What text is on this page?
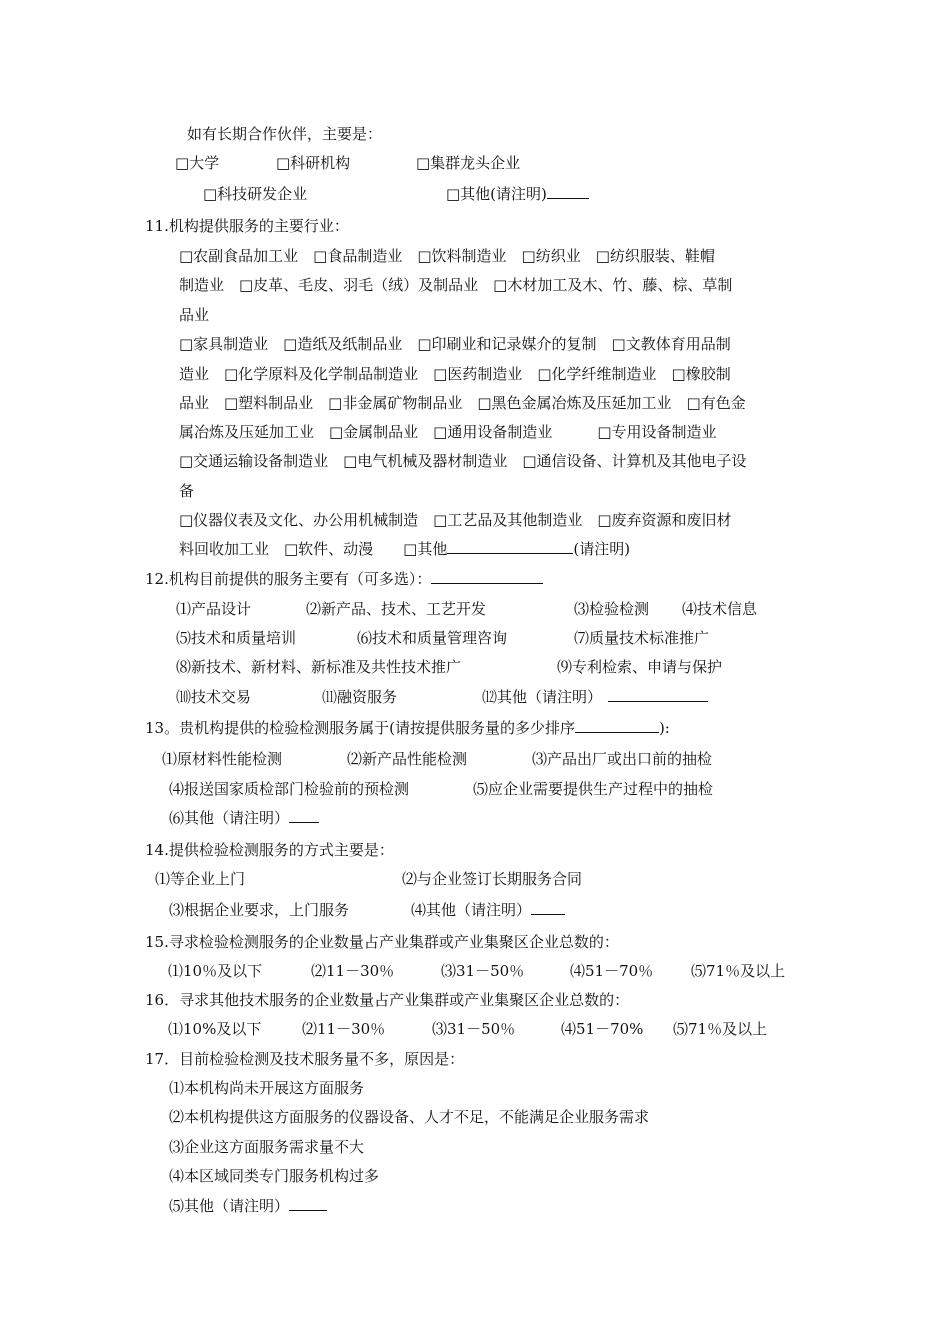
如有长期合作伙伴，主要是：
□大学	□科研机构	□集群龙头企业
□科技研发企业	□其他(请注明)
11.机构提供服务的主要行业：
□农副食品加工业　□食品制造业　□饮料制造业　□纺织业　□纺织服装、鞋帽
制造业　□皮革、毛皮、羽毛（绒）及制品业　□木材加工及木、竹、藤、棕、草制
品业
□家具制造业　□造纸及纸制品业　□印刷业和记录媒介的复制　□文教体育用品制
造业　□化学原料及化学制品制造业　□医药制造业　□化学纤维制造业　□橡胶制
品业　□塑料制品业　□非金属矿物制品业　□黑色金属冶炼及压延加工业　□有色金
属冶炼及压延加工业　□金属制品业　□通用设备制造业　　　□专用设备制造业
□交通运输设备制造业　□电气机械及器材制造业　□通信设备、计算机及其他电子设
备
□仪器仪表及文化、办公用机械制造　□工艺品及其他制造业　□废弃资源和废旧材
料回收加工业　□软件、动漫　　□其他	(请注明)
12.机构目前提供的服务主要有（可多选）：
⑴产品设计	⑵新产品、技术、工艺开发	⑶检验检测 ⑷技术信息
⑸技术和质量培训	⑹技术和质量管理咨询	⑺质量技术标准推广
⑻新技术、新材料、新标准及共性技术推广	⑼专利检索、申请与保护
⑽技术交易	⑾融资服务	⑿其他（请注明）
13。贵机构提供的检验检测服务属于(请按提供服务量的多少排序	):
⑴原材料性能检测	⑵新产品性能检测	⑶产品出厂或出口前的抽检
⑷报送国家质检部门检验前的预检测	⑸应企业需要提供生产过程中的抽检
⑹其他（请注明）
14.提供检验检测服务的方式主要是：
⑴等企业上门	⑵与企业签订长期服务合同
⑶根据企业要求，上门服务	⑷其他（请注明）
15.寻求检验检测服务的企业数量占产业集群或产业集聚区企业总数的：
⑴10％及以下	⑵11－30％	⑶31－50％	⑷51－70％	⑸71％及以上
16．寻求其他技术服务的企业数量占产业集群或产业集聚区企业总数的：
⑴10%及以下	⑵11－30％	⑶31－50％	⑷51－70% ⑸71％及以上
17．目前检验检测及技术服务量不多，原因是：
⑴本机构尚未开展这方面服务
⑵本机构提供这方面服务的仪器设备、人才不足，不能满足企业服务需求
⑶企业这方面服务需求量不大
⑷本区域同类专门服务机构过多
⑸其他（请注明）
